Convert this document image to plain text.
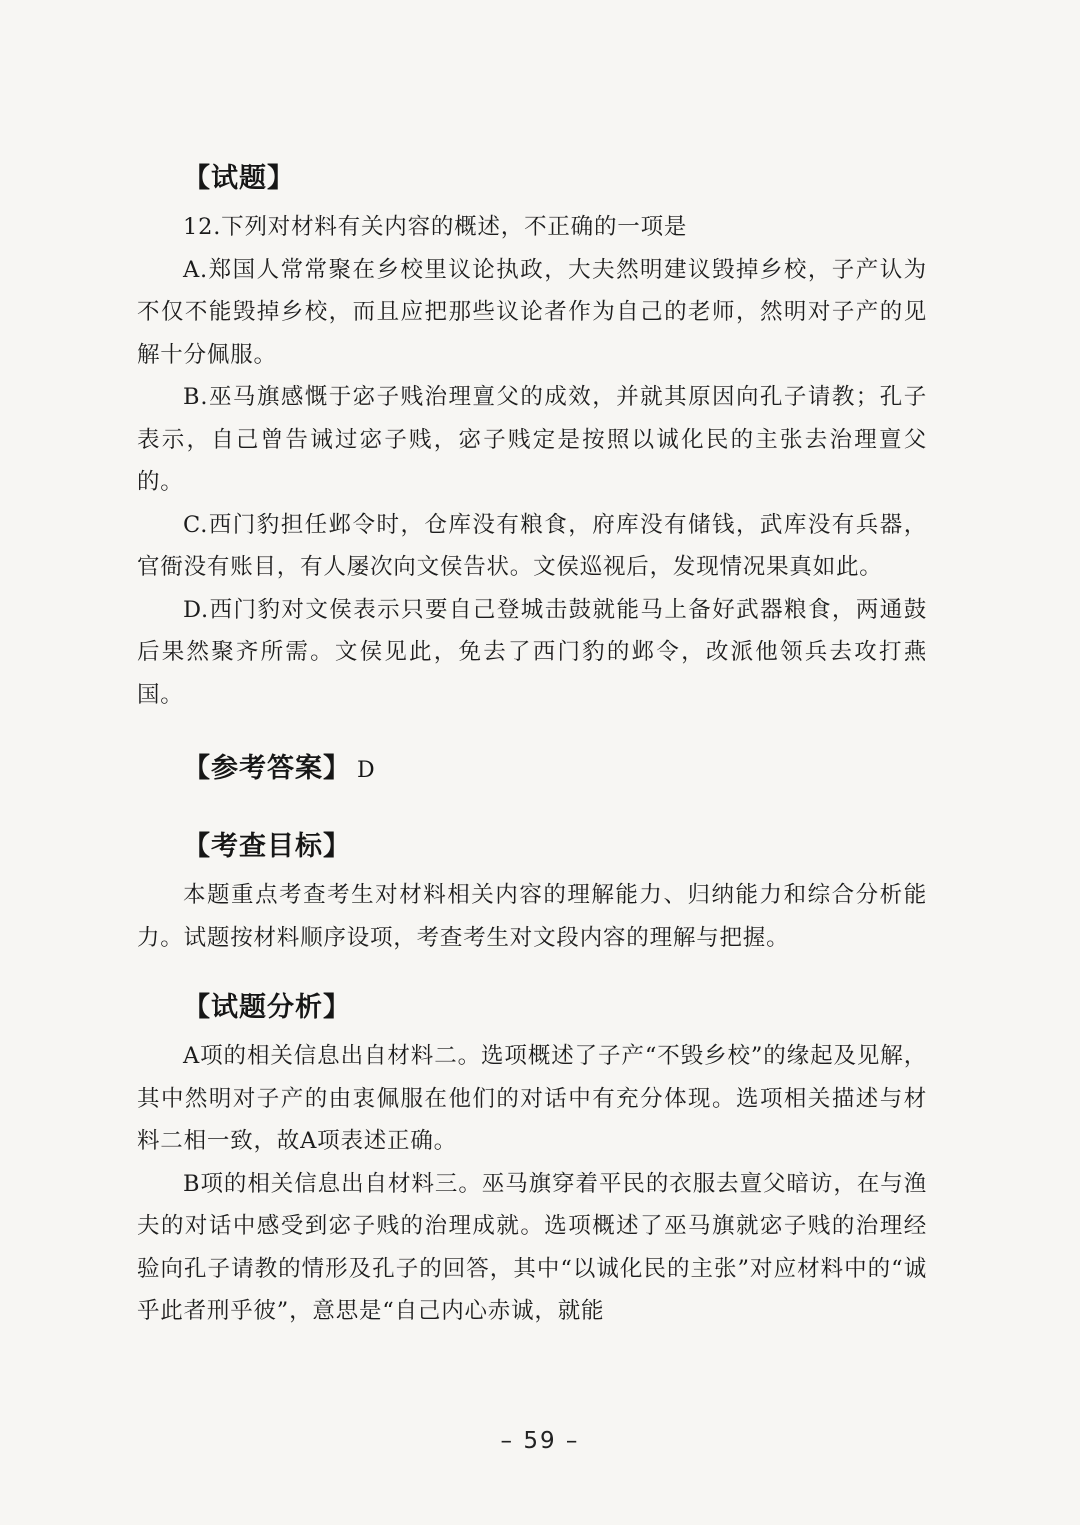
【试题】

12.下列对材料有关内容的概述，不正确的一项是

A.郑国人常常聚在乡校里议论执政，大夫然明建议毁掉乡校，子产认为不仅不能毁掉乡校，而且应把那些议论者作为自己的老师，然明对子产的见解十分佩服。

B.巫马旗感慨于宓子贱治理亶父的成效，并就其原因向孔子请教；孔子表示，自己曾告诫过宓子贱，宓子贱定是按照以诚化民的主张去治理亶父的。

C.西门豹担任邺令时，仓库没有粮食，府库没有储钱，武库没有兵器，官衙没有账目，有人屡次向文侯告状。文侯巡视后，发现情况果真如此。

D.西门豹对文侯表示只要自己登城击鼓就能马上备好武器粮食，两通鼓后果然聚齐所需。文侯见此，免去了西门豹的邺令，改派他领兵去攻打燕国。

【参考答案】 D
【考查目标】

本题重点考查考生对材料相关内容的理解能力、归纳能力和综合分析能力。试题按材料顺序设项，考查考生对文段内容的理解与把握。

【试题分析】

A项的相关信息出自材料二。选项概述了子产“不毁乡校”的缘起及见解，其中然明对子产的由衷佩服在他们的对话中有充分体现。选项相关描述与材料二相一致，故A项表述正确。

B项的相关信息出自材料三。巫马旗穿着平民的衣服去亶父暗访，在与渔夫的对话中感受到宓子贱的治理成就。选项概述了巫马旗就宓子贱的治理经验向孔子请教的情形及孔子的回答，其中“以诚化民的主张”对应材料中的“诚乎此者刑乎彼”，意思是“自己内心赤诚，就能

– 59 –
